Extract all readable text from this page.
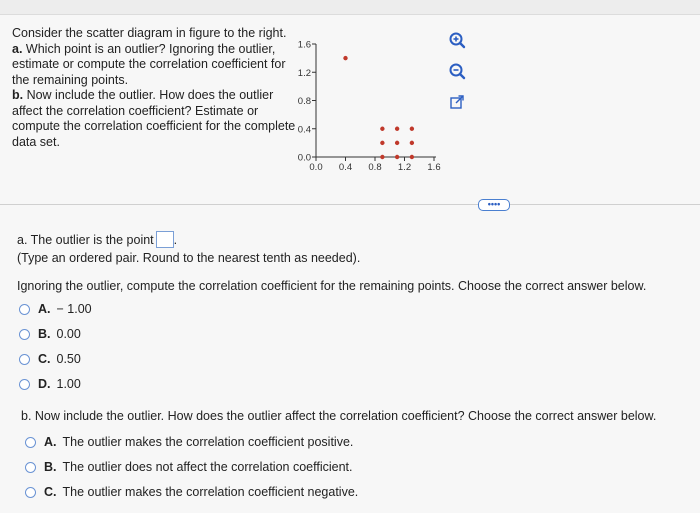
Consider the scatter diagram in figure to the right.
a. Which point is an outlier? Ignoring the outlier,
estimate or compute the correlation coefficient for
the remaining points.
b. Now include the outlier. How does the outlier
affect the correlation coefficient? Estimate or
compute the correlation coefficient for the complete
data set.
0.0 0.4 0.8 1.2 1.6
0.0
0.4
0.8
1.2
1.6
••••
a. The outlier is the point .
(Type an ordered pair. Round to the nearest tenth as needed).
Ignoring the outlier, compute the correlation coefficient for the remaining points. Choose the correct answer below.
A. − 1.00
B. 0.00
C. 0.50
D. 1.00
b. Now include the outlier. How does the outlier affect the correlation coefficient? Choose the correct answer below.
A. The outlier makes the correlation coefficient positive.
B. The outlier does not affect the correlation coefficient.
C. The outlier makes the correlation coefficient negative.
